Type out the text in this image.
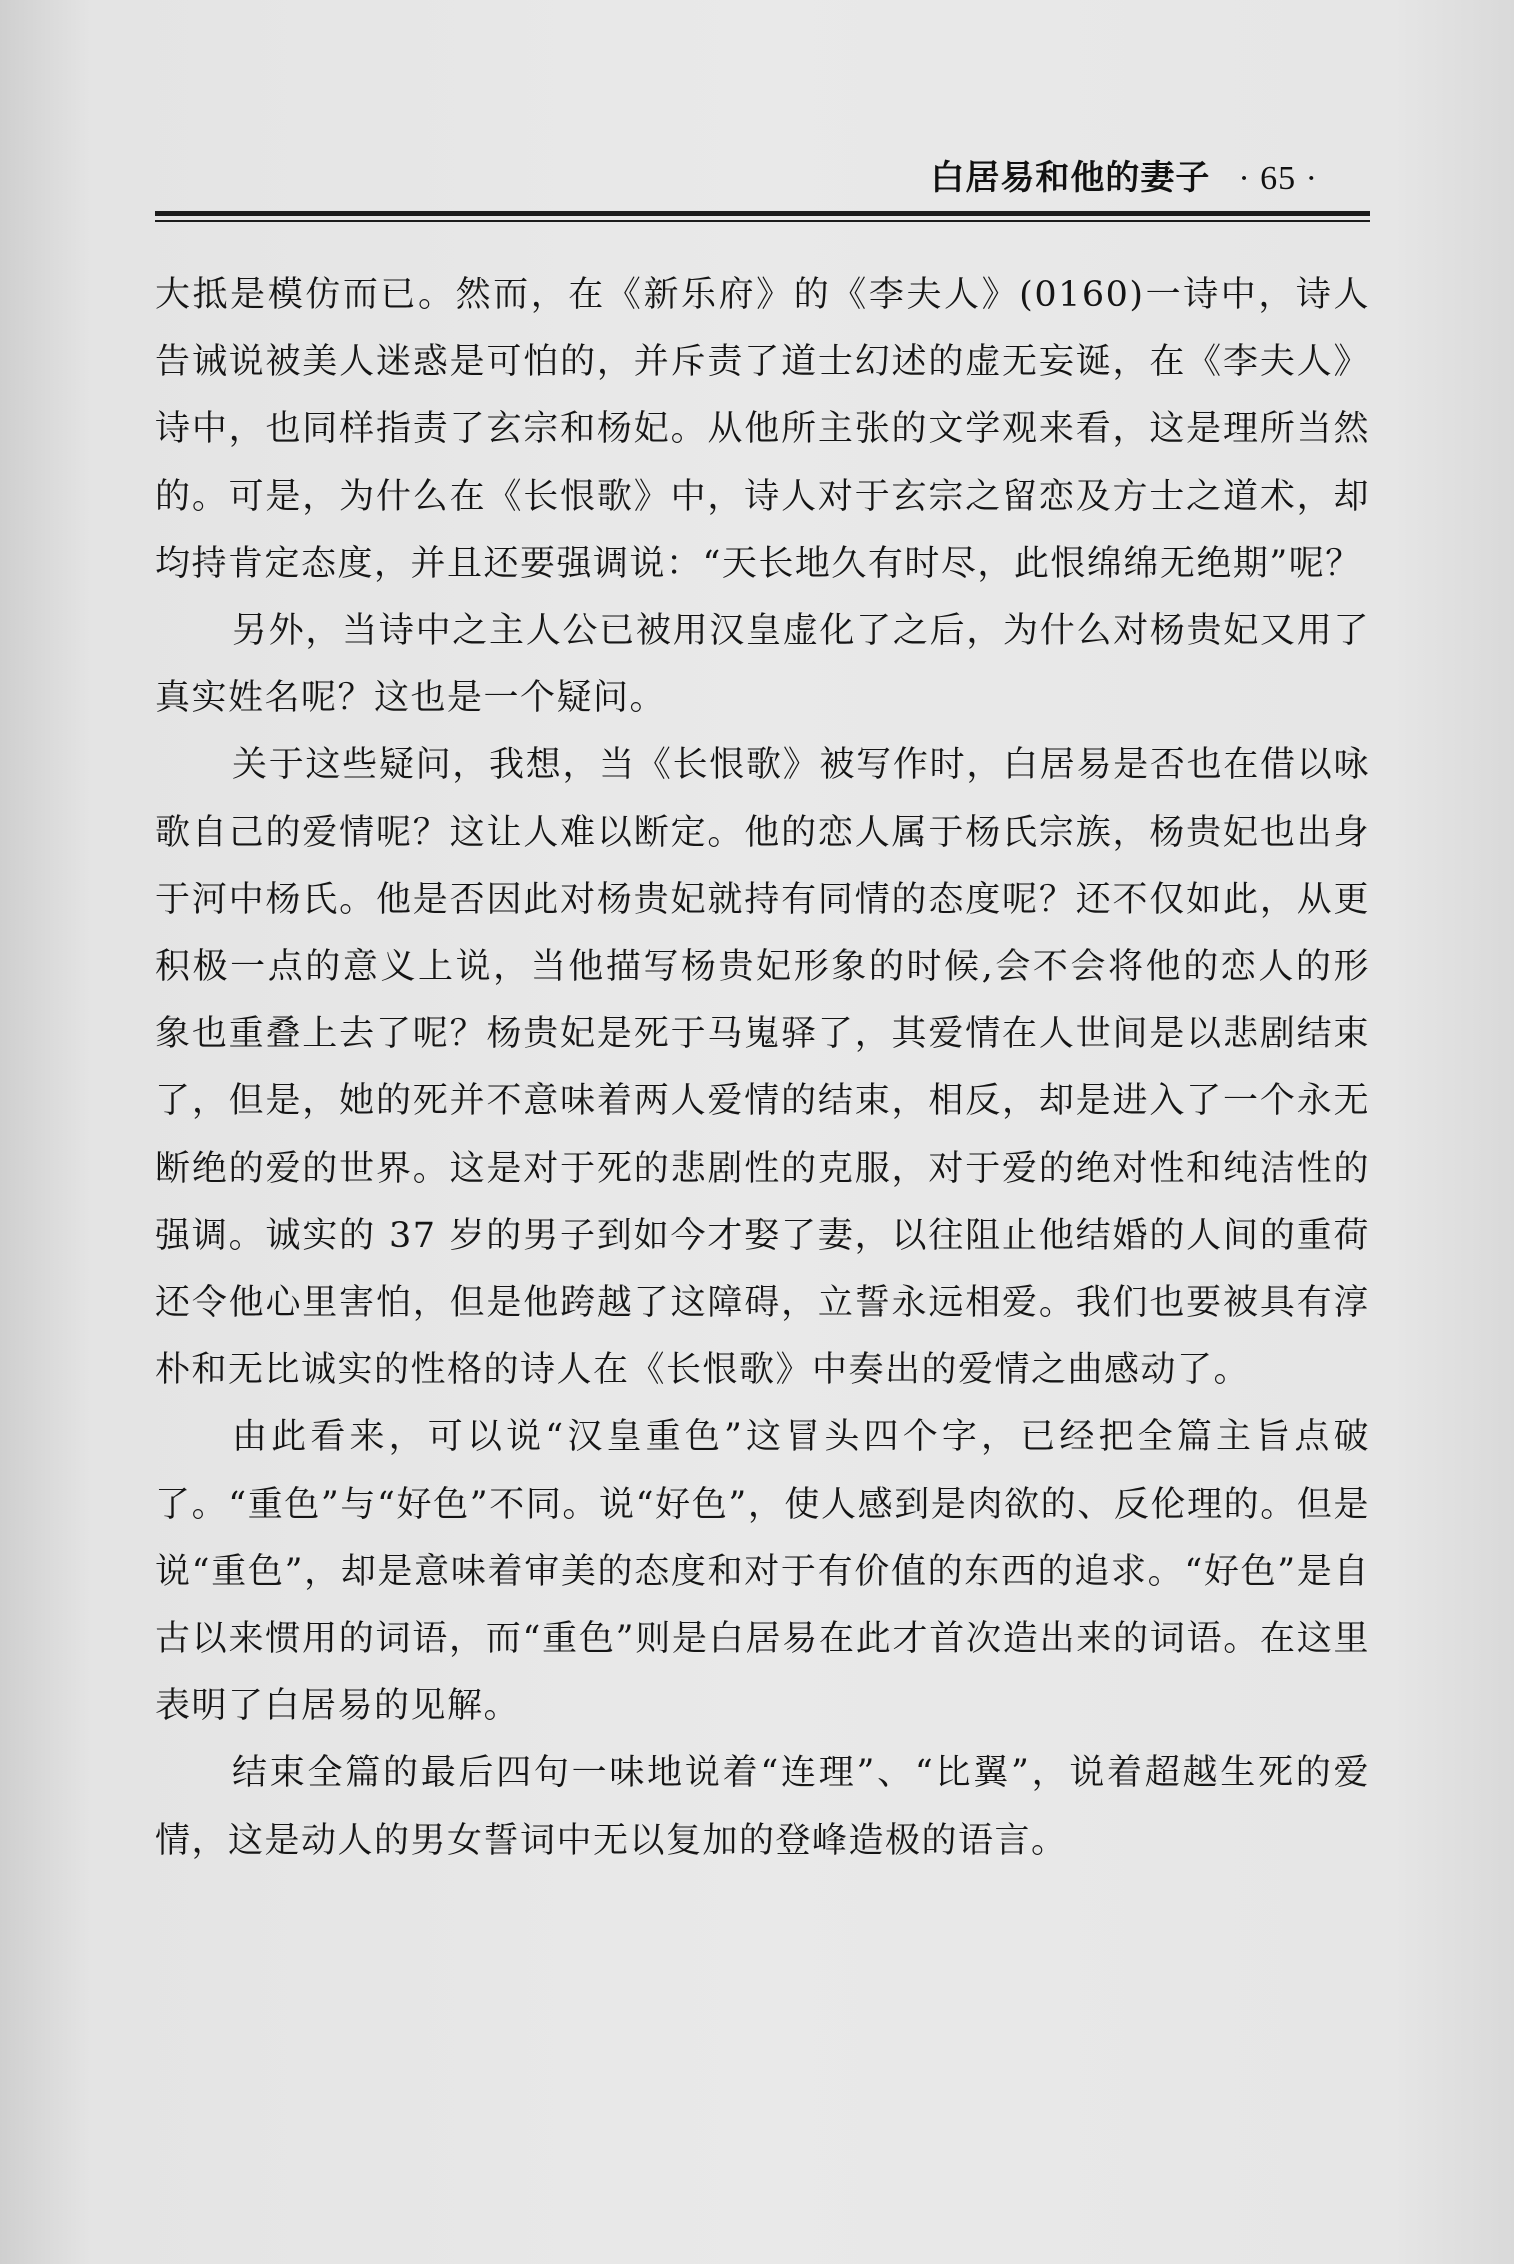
白居易和他的妻子 · 65 ·

大抵是模仿而已。然而，在《新乐府》的《李夫人》(0160)一诗中，诗人告诫说被美人迷惑是可怕的，并斥责了道士幻述的虚无妄诞，在《李夫人》诗中，也同样指责了玄宗和杨妃。从他所主张的文学观来看，这是理所当然的。可是，为什么在《长恨歌》中，诗人对于玄宗之留恋及方士之道术，却均持肯定态度，并且还要强调说：“天长地久有时尽，此恨绵绵无绝期”呢？

另外，当诗中之主人公已被用汉皇虚化了之后，为什么对杨贵妃又用了真实姓名呢？这也是一个疑问。

关于这些疑问，我想，当《长恨歌》被写作时，白居易是否也在借以咏歌自己的爱情呢？这让人难以断定。他的恋人属于杨氏宗族，杨贵妃也出身于河中杨氏。他是否因此对杨贵妃就持有同情的态度呢？还不仅如此，从更积极一点的意义上说，当他描写杨贵妃形象的时候,会不会将他的恋人的形象也重叠上去了呢？杨贵妃是死于马嵬驿了，其爱情在人世间是以悲剧结束了，但是，她的死并不意味着两人爱情的结束，相反，却是进入了一个永无断绝的爱的世界。这是对于死的悲剧性的克服，对于爱的绝对性和纯洁性的强调。诚实的 37 岁的男子到如今才娶了妻，以往阻止他结婚的人间的重荷还令他心里害怕，但是他跨越了这障碍，立誓永远相爱。我们也要被具有淳朴和无比诚实的性格的诗人在《长恨歌》中奏出的爱情之曲感动了。

由此看来，可以说“汉皇重色”这冒头四个字，已经把全篇主旨点破了。“重色”与“好色”不同。说“好色”，使人感到是肉欲的、反伦理的。但是说“重色”，却是意味着审美的态度和对于有价值的东西的追求。“好色”是自古以来惯用的词语，而“重色”则是白居易在此才首次造出来的词语。在这里表明了白居易的见解。

结束全篇的最后四句一味地说着“连理”、“比翼”，说着超越生死的爱情，这是动人的男女誓词中无以复加的登峰造极的语言。
